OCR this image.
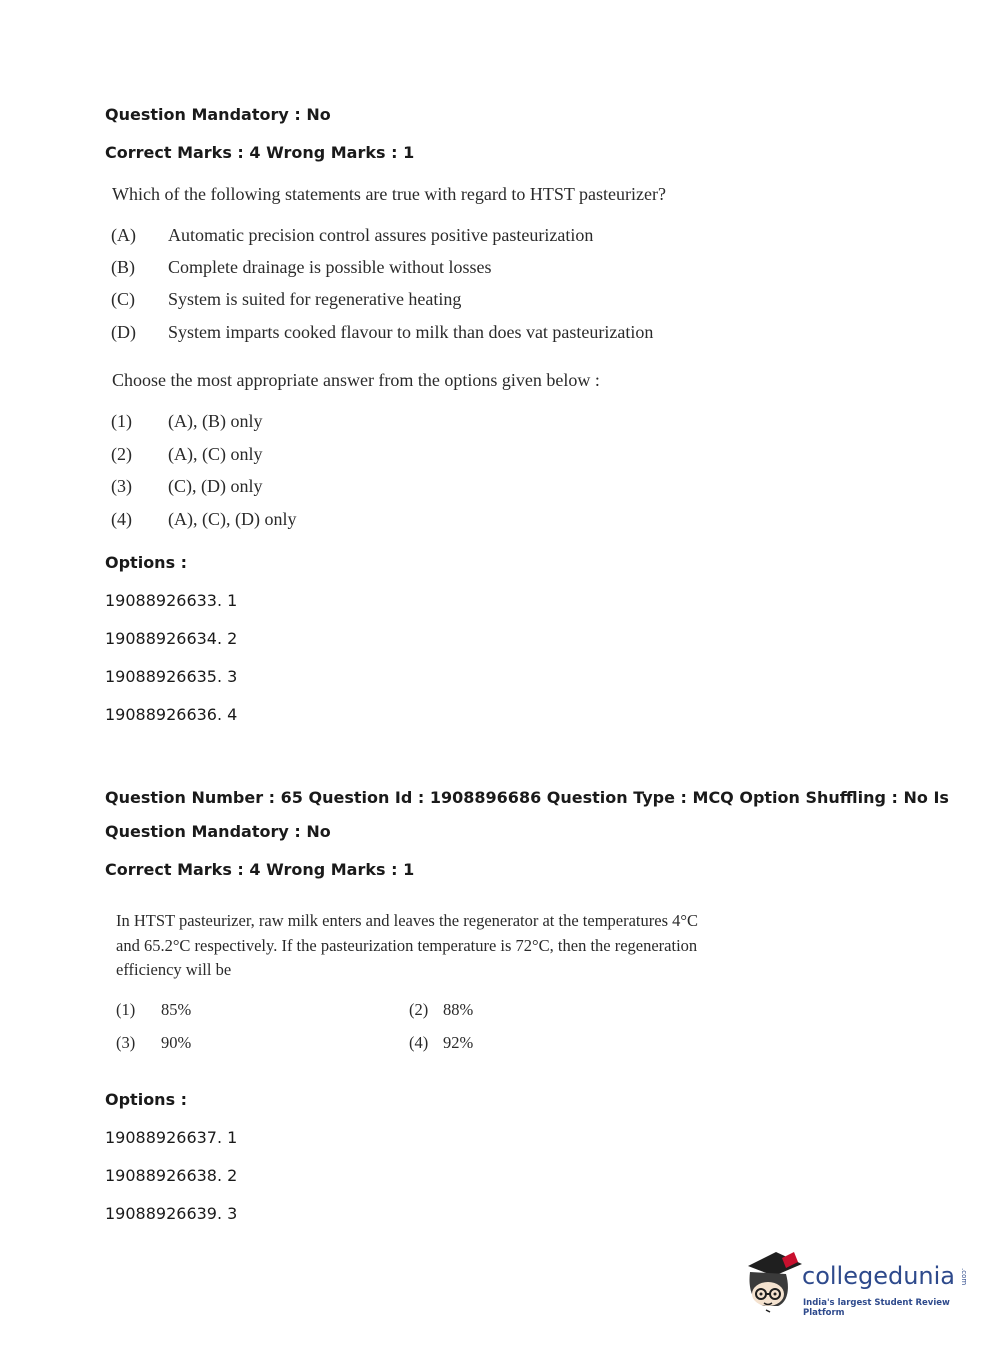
Question Mandatory : No
Correct Marks : 4 Wrong Marks : 1
Which of the following statements are true with regard to HTST pasteurizer?
(A) Automatic precision control assures positive pasteurization
(B) Complete drainage is possible without losses
(C) System is suited for regenerative heating
(D) System imparts cooked flavour to milk than does vat pasteurization
Choose the most appropriate answer from the options given below :
(1) (A), (B) only
(2) (A), (C) only
(3) (C), (D) only
(4) (A), (C), (D) only
Options :
19088926633. 1
19088926634. 2
19088926635. 3
19088926636. 4
Question Number : 65 Question Id : 1908896686 Question Type : MCQ Option Shuffling : No Is
Question Mandatory : No
Correct Marks : 4 Wrong Marks : 1
In HTST pasteurizer, raw milk enters and leaves the regenerator at the temperatures 4°C
and 65.2°C respectively. If the pasteurization temperature is 72°C, then the regeneration
efficiency will be
(1) 85%	(2) 88%
(3) 90%	(4) 92%
Options :
19088926637. 1
19088926638. 2
19088926639. 3
collegedunia .com
India's largest Student Review Platform
